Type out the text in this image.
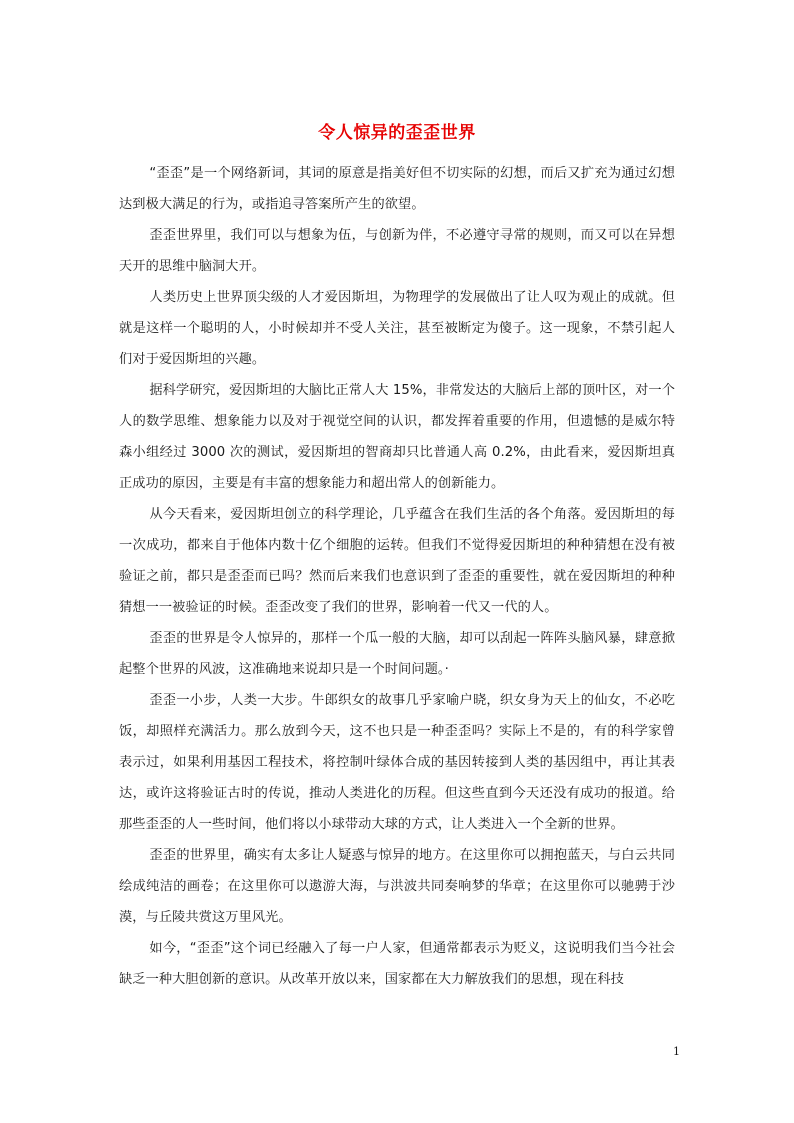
令人惊异的歪歪世界

“歪歪”是一个网络新词，其词的原意是指美好但不切实际的幻想，而后又扩充为通过幻想达到极大满足的行为，或指追寻答案所产生的欲望。

歪歪世界里，我们可以与想象为伍，与创新为伴，不必遵守寻常的规则，而又可以在异想天开的思维中脑洞大开。

人类历史上世界顶尖级的人才爱因斯坦，为物理学的发展做出了让人叹为观止的成就。但就是这样一个聪明的人，小时候却并不受人关注，甚至被断定为傻子。这一现象，不禁引起人们对于爱因斯坦的兴趣。

据科学研究，爱因斯坦的大脑比正常人大 15%，非常发达的大脑后上部的顶叶区，对一个人的数学思维、想象能力以及对于视觉空间的认识，都发挥着重要的作用，但遗憾的是威尔特森小组经过 3000 次的测试，爱因斯坦的智商却只比普通人高 0.2%，由此看来，爱因斯坦真正成功的原因，主要是有丰富的想象能力和超出常人的创新能力。

从今天看来，爱因斯坦创立的科学理论，几乎蕴含在我们生活的各个角落。爱因斯坦的每一次成功，都来自于他体内数十亿个细胞的运转。但我们不觉得爱因斯坦的种种猜想在没有被验证之前，都只是歪歪而已吗？然而后来我们也意识到了歪歪的重要性，就在爱因斯坦的种种猜想一一被验证的时候。歪歪改变了我们的世界，影响着一代又一代的人。

歪歪的世界是令人惊异的，那样一个瓜一般的大脑，却可以刮起一阵阵头脑风暴，肆意掀起整个世界的风波，这准确地来说却只是一个时间问题。·

歪歪一小步，人类一大步。牛郎织女的故事几乎家喻户晓，织女身为天上的仙女，不必吃饭，却照样充满活力。那么放到今天，这不也只是一种歪歪吗？实际上不是的，有的科学家曾表示过，如果利用基因工程技术，将控制叶绿体合成的基因转接到人类的基因组中，再让其表达，或许这将验证古时的传说，推动人类进化的历程。但这些直到今天还没有成功的报道。给那些歪歪的人一些时间，他们将以小球带动大球的方式，让人类进入一个全新的世界。

歪歪的世界里，确实有太多让人疑惑与惊异的地方。在这里你可以拥抱蓝天，与白云共同绘成纯洁的画卷；在这里你可以遨游大海，与洪波共同奏响梦的华章；在这里你可以驰骋于沙漠，与丘陵共赏这万里风光。

如今，“歪歪”这个词已经融入了每一户人家，但通常都表示为贬义，这说明我们当今社会缺乏一种大胆创新的意识。从改革开放以来，国家都在大力解放我们的思想，现在科技

1
